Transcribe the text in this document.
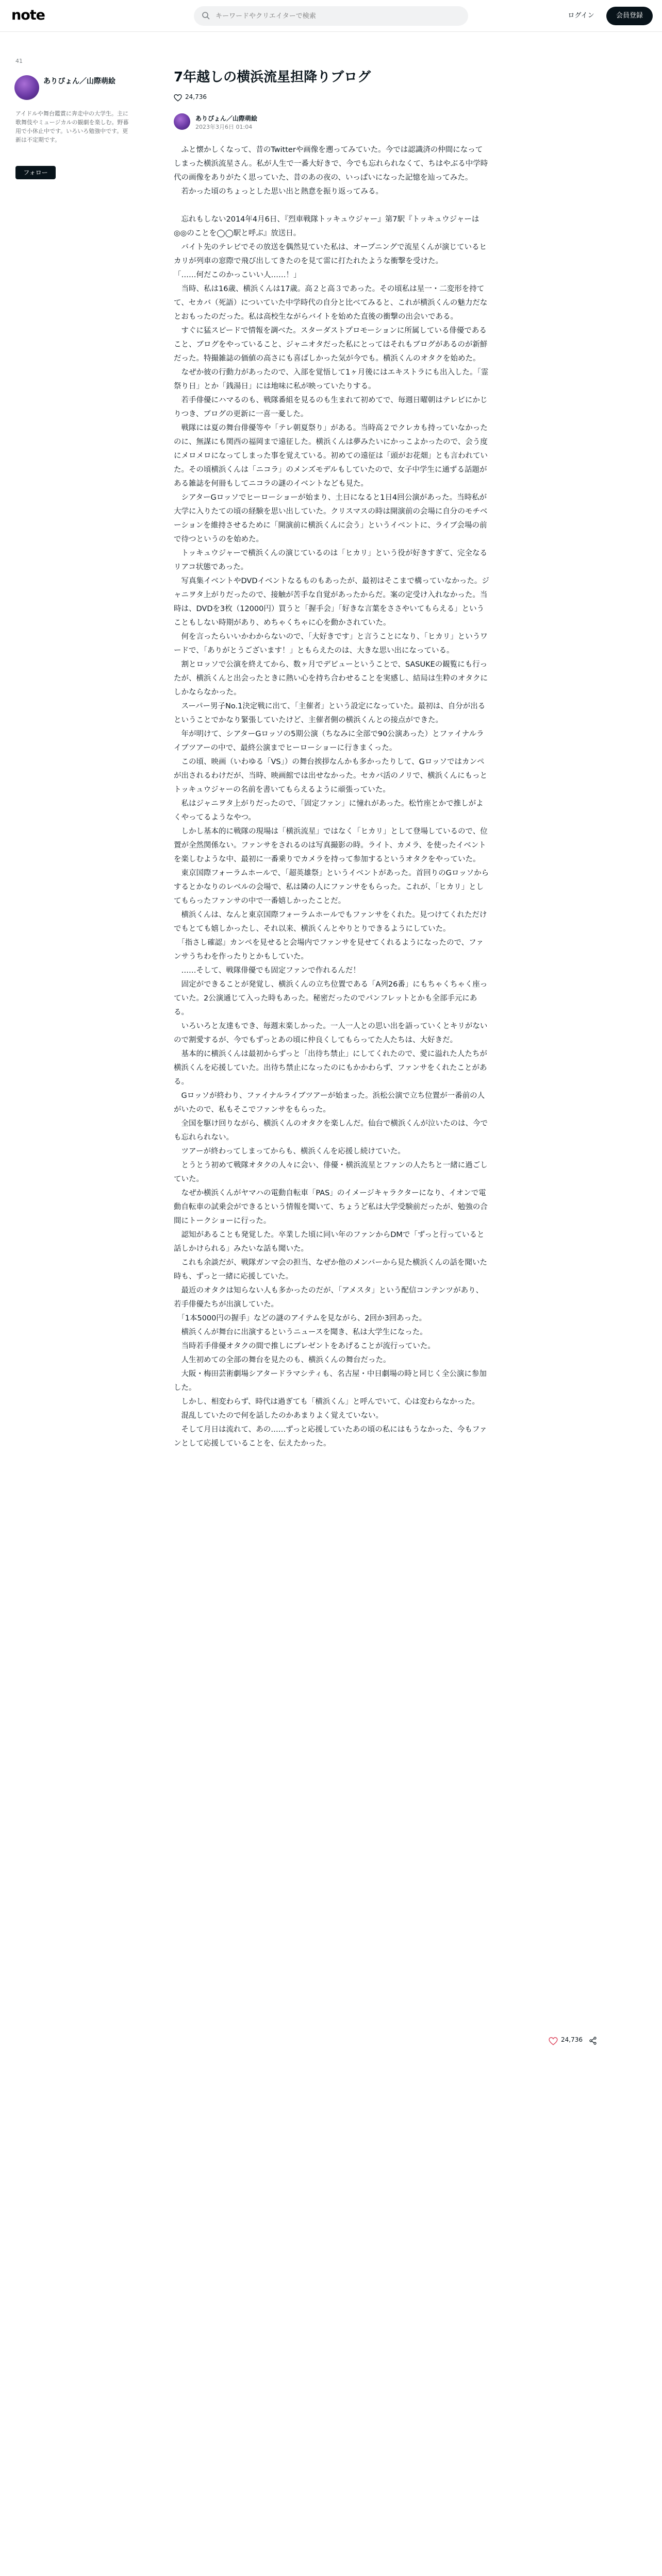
note
キーワードやクリエイターで検索	ログイン	会員登録
41
ありぴょん／山際萌絵
アイドルや舞台鑑賞に奔走中の大学生。主に歌舞伎やミュージカルの観劇を楽しむ。野暮用で小休止中です。いろいろ勉強中です。更新は不定期です。
フォロー
7年越しの横浜流星担降りブログ
24,736
ありぴょん／山際萌絵
2023年3月6日 01:04

　ふと懐かしくなって、昔のTwitterや画像を遡ってみていた。今では認識済の仲間になってしまった横浜流星さん。私が人生で一番大好きで、今でも忘れられなくて、ちはやぶる中学時代の画像をありがたく思っていた、昔のあの夜の、いっぱいになった記憶を辿ってみた。

　若かった頃のちょっとした思い出と熱意を振り返ってみる。

　忘れもしない2014年4月6日、『烈車戦隊トッキュウジャー』第7駅『トッキュウジャーは◎◎のことを◯◯駅と呼ぶ』放送日。

　バイト先のテレビでその放送を偶然見ていた私は、オープニングで流星くんが演じているヒカリが列車の窓際で飛び出してきたのを見て雷に打たれたような衝撃を受けた。

「……何だこのかっこいい人……！」

　当時、私は16歳、横浜くんは17歳。高２と高３であった。その頃私は星一・二変形を持てて、セカバ（死語）についていた中学時代の自分と比べてみると、これが横浜くんの魅力だなとおもったのだった。私は高校生ながらバイトを始めた直後の衝撃の出会いである。

　すぐに猛スピードで情報を調べた。スターダストプロモーションに所属している俳優であること、ブログをやっていること、ジャニオタだった私にとってはそれもブログがあるのが新鮮だった。特撮雑誌の価値の高さにも喜ばしかった気が今でも。横浜くんのオタクを始めた。

　なぜか彼の行動力があったので、入部を覚悟して1ヶ月後にはエキストラにも出入した。「霊祭り日」とか「銭湯日」には地味に私が映っていたりする。

　若手俳優にハマるのも、戦隊番組を見るのも生まれて初めてで、毎週日曜朝はテレビにかじりつき、ブログの更新に一喜一憂した。

　戦隊には夏の舞台俳優等や「テレ朝夏祭り」がある。当時高２でクレカも持っていなかったのに、無謀にも関西の福岡まで遠征した。横浜くんは夢みたいにかっこよかったので、会う度にメロメロになってしまった事を覚えている。初めての遠征は「頭がお花畑」とも言われていた。その頃横浜くんは「ニコラ」のメンズモデルもしていたので、女子中学生に通ずる話題がある雑誌を何冊もしてニコラの謎のイベントなども見た。

　シアターGロッソでヒーローショーが始まり、土日になると1日4回公演があった。当時私が大学に入りたての頃の経験を思い出していた。クリスマスの時は開演前の会場に自分のモチベーションを維持させるために「開演前に横浜くんに会う」というイベントに、ライブ会場の前で待つというのを始めた。

　トッキュウジャーで横浜くんの演じているのは「ヒカリ」という役が好きすぎて、完全なるリアコ状態であった。

　写真集イベントやDVDイベントなるものもあったが、最初はそこまで構っていなかった。ジャニヲタ上がりだったので、接触が苦手な自覚があったからだ。案の定受け入れなかった。当時は、DVDを3枚（12000円）買うと「握手会」「好きな言葉をささやいてもらえる」ということもしない時期があり、めちゃくちゃに心を動かされていた。

　何を言ったらいいかわからないので、「大好きです」と言うことになり、「ヒカリ」というワードで、「ありがとうございます！」ともらえたのは、大きな思い出になっている。

　割とロッソで公演を終えてから、数ヶ月でデビューということで、SASUKEの観覧にも行ったが、横浜くんと出会ったときに熱い心を持ち合わせることを実感し、結局は生粋のオタクにしかならなかった。

　スーパー男子No.1決定戦に出て、「主催者」という設定になっていた。最初は、自分が出るということでかなり緊張していたけど、主催者側の横浜くんとの接点ができた。

　年が明けて、シアターGロッソの5期公演（ちなみに全部で90公演あった）とファイナルライブツアーの中で、最終公演までヒーローショーに行きまくった。

　この頃、映画（いわゆる「VS」）の舞台挨拶なんかも多かったりして、Gロッソではカンペが出されるわけだが、当時、映画館では出せなかった。セカバ活のノリで、横浜くんにもっとトッキュウジャーの名前を書いてもらえるように頑張っていた。

　私はジャニヲタ上がりだったので、「固定ファン」に憧れがあった。松竹座とかで推しがよくやってるようなやつ。

　しかし基本的に戦隊の現場は「横浜流星」ではなく「ヒカリ」として登場しているので、位置が全然関係ない。ファンサをされるのは写真撮影の時。ライト、カメラ、を使ったイベントを楽しむような中、最初に一番乗りでカメラを持って参加するというオタクをやっていた。

　東京国際フォーラムホールで、「超英雄祭」というイベントがあった。首回りのGロッソからするとかなりのレベルの会場で、私は隣の人にファンサをもらった。これが、「ヒカリ」としてもらったファンサの中で一番嬉しかったことだ。

　横浜くんは、なんと東京国際フォーラムホールでもファンサをくれた。見つけてくれただけでもとても嬉しかったし、それ以来、横浜くんとやりとりできるようにしていた。

　「指さし確認」カンペを見せると会場内でファンサを見せてくれるようになったので、ファンサうちわを作ったりとかもしていた。

　……そして、戦隊俳優でも固定ファンで作れるんだ！

　固定ができることが発覚し、横浜くんの立ち位置である「A列26番」にもちゃくちゃく座っていた。2公演通じて入った時もあった。秘密だったのでパンフレットとかも全部手元にある。

　いろいろと友達もでき、毎週末楽しかった。一人一人との思い出を語っていくとキリがないので割愛するが、今でもずっとあの頃に仲良くしてもらってた人たちは、大好きだ。

　基本的に横浜くんは最初からずっと「出待ち禁止」にしてくれたので、愛に溢れた人たちが横浜くんを応援していた。出待ち禁止になったのにもかかわらず、ファンサをくれたことがある。

　Gロッソが終わり、ファイナルライブツアーが始まった。浜松公演で立ち位置が一番前の人がいたので、私もそこでファンサをもらった。

　全国を駆け回りながら、横浜くんのオタクを楽しんだ。仙台で横浜くんが泣いたのは、今でも忘れられない。

　ツアーが終わってしまってからも、横浜くんを応援し続けていた。

　とうとう初めて戦隊オタクの人々に会い、俳優・横浜流星とファンの人たちと一緒に過ごしていた。

　なぜか横浜くんがヤマハの電動自転車「PAS」のイメージキャラクターになり、イオンで電動自転車の試乗会ができるという情報を聞いて、ちょうど私は大学受験前だったが、勉強の合間にトークショーに行った。

　認知があることも発覚した。卒業した頃に同い年のファンからDMで「ずっと行っていると話しかけられる」みたいな話も聞いた。

　これも余談だが、戦隊ガンマ会の担当、なぜか他のメンバーから見た横浜くんの話を聞いた時も、ずっと一緒に応援していた。

　最近のオタクは知らない人も多かったのだが、「アメスタ」という配信コンテンツがあり、若手俳優たちが出演していた。

　「1本5000円の握手」などの謎のアイテムを見ながら、2回か3回あった。

　横浜くんが舞台に出演するというニュースを聞き、私は大学生になった。

　当時若手俳優オタクの間で推しにプレゼントをあげることが流行っていた。

　人生初めての全部の舞台を見たのも、横浜くんの舞台だった。

　大阪・梅田芸術劇場シアタードラマシティも、名古屋・中日劇場の時と同じく全公演に参加した。

　しかし、相変わらず、時代は過ぎても「横浜くん」と呼んでいて、心は変わらなかった。

　混乱していたので何を話したのかあまりよく覚えていない。

　そして月日は流れて、あの……ずっと応援していたあの頃の私にはもうなかった、今もファンとして応援していることを、伝えたかった。

24,736
